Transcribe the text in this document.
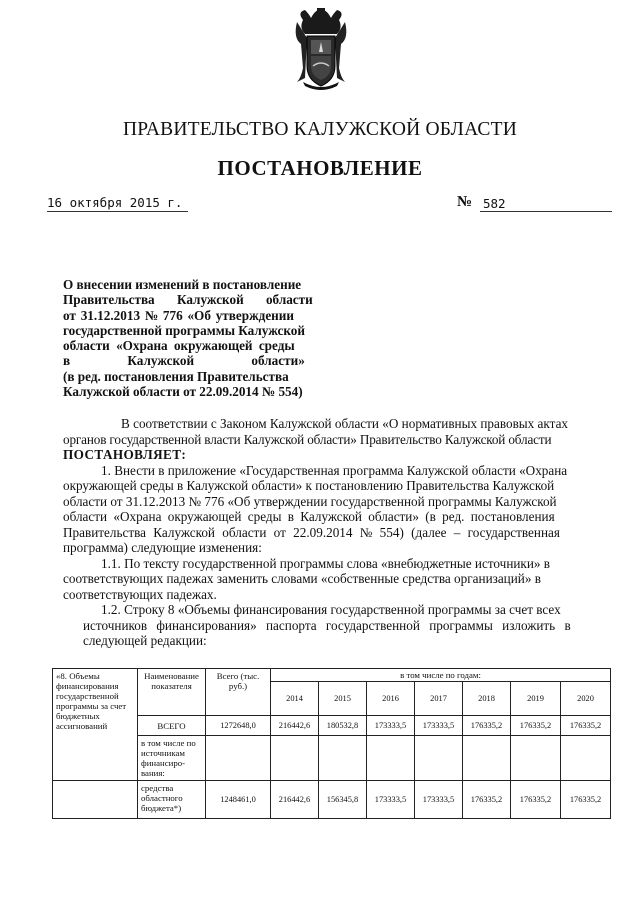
ПРАВИТЕЛЬСТВО КАЛУЖСКОЙ ОБЛАСТИ
ПОСТАНОВЛЕНИЕ
16 октября 2015 г.	№ 582
О внесении изменений в постановление
Правительства Калужской области
от 31.12.2013 № 776 «Об утверждении
государственной программы Калужской
области «Охрана окружающей среды
в Калужской области»
(в ред. постановления Правительства
Калужской области от 22.09.2014 № 554)
В соответствии с Законом Калужской области «О нормативных правовых актах
органов государственной власти Калужской области» Правительство Калужской области
ПОСТАНОВЛЯЕТ:
1. Внести в приложение «Государственная программа Калужской области «Охрана
окружающей среды в Калужской области» к постановлению Правительства Калужской
области от 31.12.2013 № 776 «Об утверждении государственной программы Калужской
области «Охрана окружающей среды в Калужской области» (в ред. постановления
Правительства Калужской области от 22.09.2014 № 554) (далее – государственная
программа) следующие изменения:
1.1. По тексту государственной программы слова «внебюджетные источники» в
соответствующих падежах заменить словами «собственные средства организаций» в
соответствующих падежах.
1.2. Строку 8 «Объемы финансирования государственной программы за счет всех
источников финансирования» паспорта государственной программы изложить в
следующей редакции:
«8. Объемы финансирования государственной программы за счет бюджетных ассигнований	Наименование показателя	Всего (тыс. руб.)	в том числе по годам:						
			2014	2015	2016	2017	2018	2019	2020
	ВСЕГО	1272648,0	216442,6	180532,8	173333,5	173333,5	176335,2	176335,2	176335,2
	в том числе по источникам финансиро-вания:								
	средства областного бюджета*)	1248461,0	216442,6	156345,8	173333,5	173333,5	176335,2	176335,2	176335,2
